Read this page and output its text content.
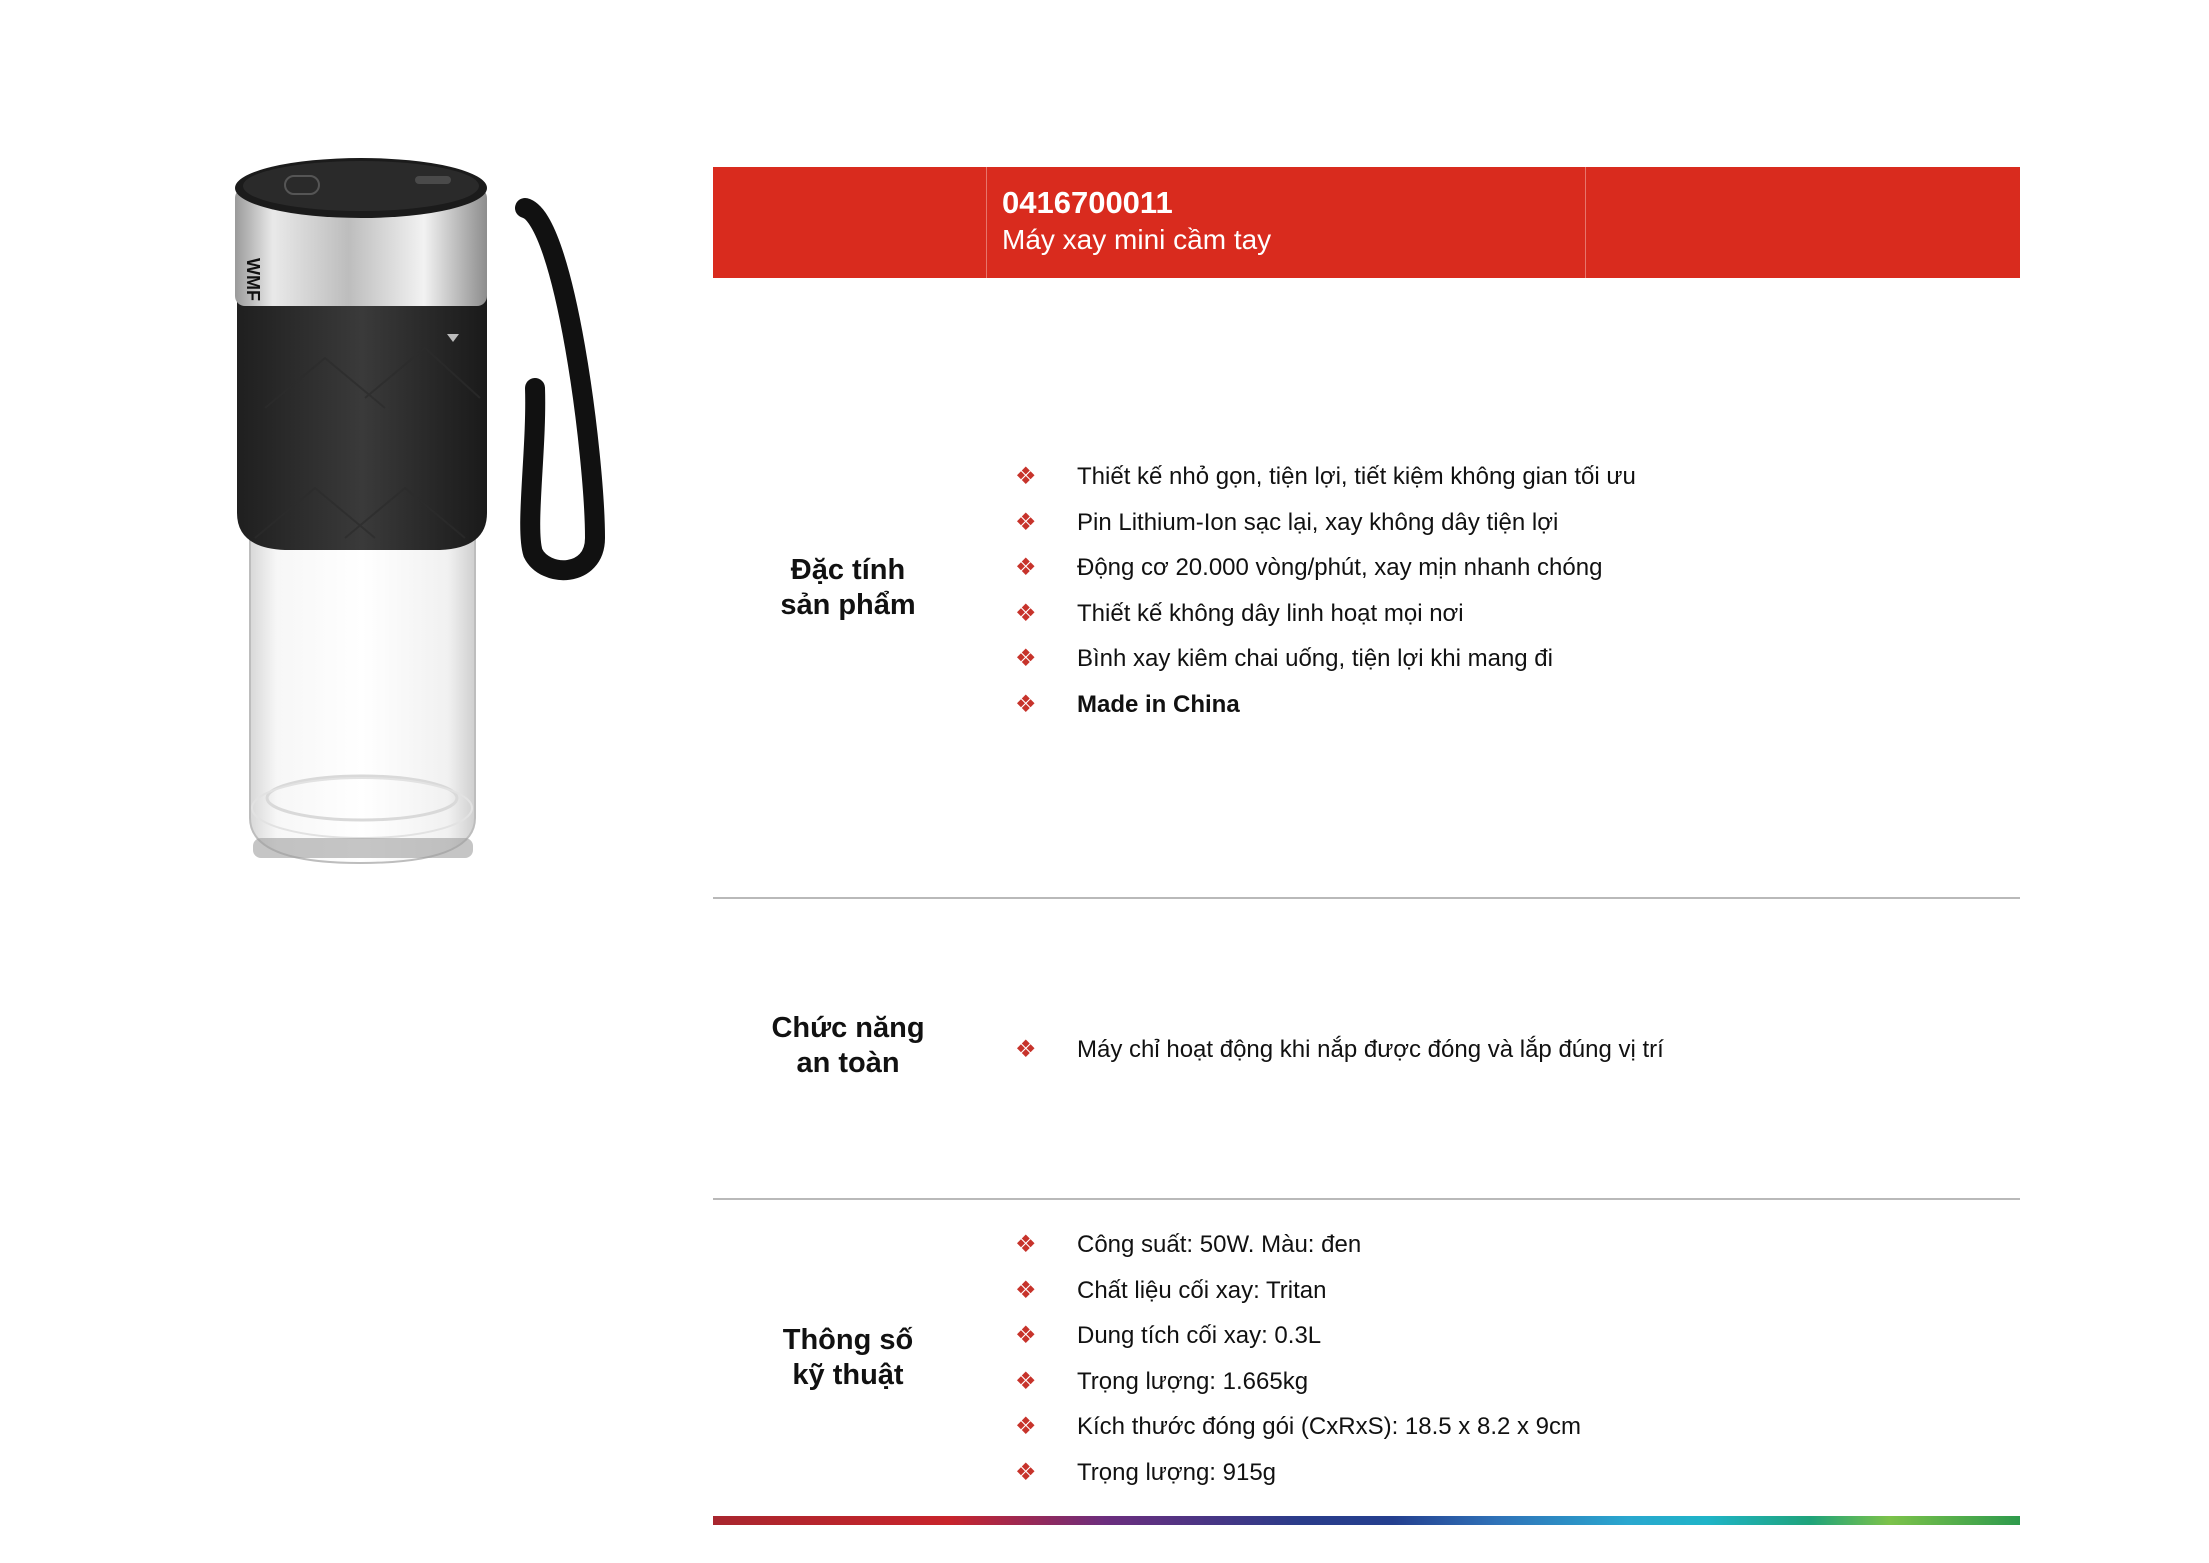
WMF
0416700011
Máy xay mini cầm tay
Đặc tính
sản phẩm
❖ Thiết kế nhỏ gọn, tiện lợi, tiết kiệm không gian tối ưu
❖ Pin Lithium-Ion sạc lại, xay không dây tiện lợi
❖ Động cơ 20.000 vòng/phút, xay mịn nhanh chóng
❖ Thiết kế không dây linh hoạt mọi nơi
❖ Bình xay kiêm chai uống, tiện lợi khi mang đi
❖ Made in China
Chức năng
an toàn	❖ Máy chỉ hoạt động khi nắp được đóng và lắp đúng vị trí
Thông số
kỹ thuật
❖ Công suất: 50W. Màu: đen
❖ Chất liệu cối xay: Tritan
❖ Dung tích cối xay: 0.3L
❖ Trọng lượng: 1.665kg
❖ Kích thước đóng gói (CxRxS): 18.5 x 8.2 x 9cm
❖ Trọng lượng: 915g
